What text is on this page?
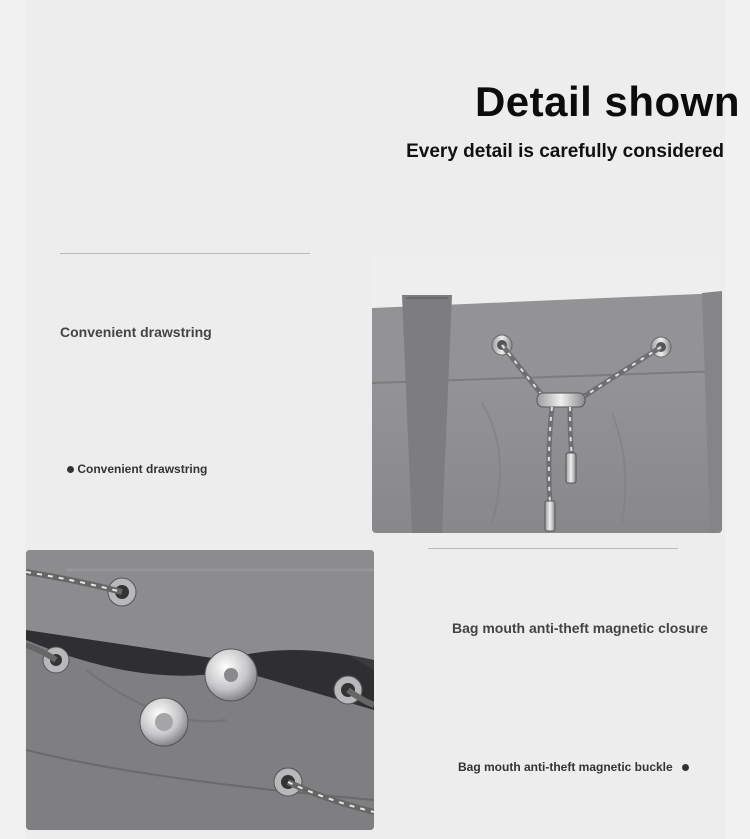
Detail shown
Every detail is carefully considered
Convenient drawstring
Convenient drawstring
Bag mouth anti-theft magnetic closure
Bag mouth anti-theft magnetic buckle
